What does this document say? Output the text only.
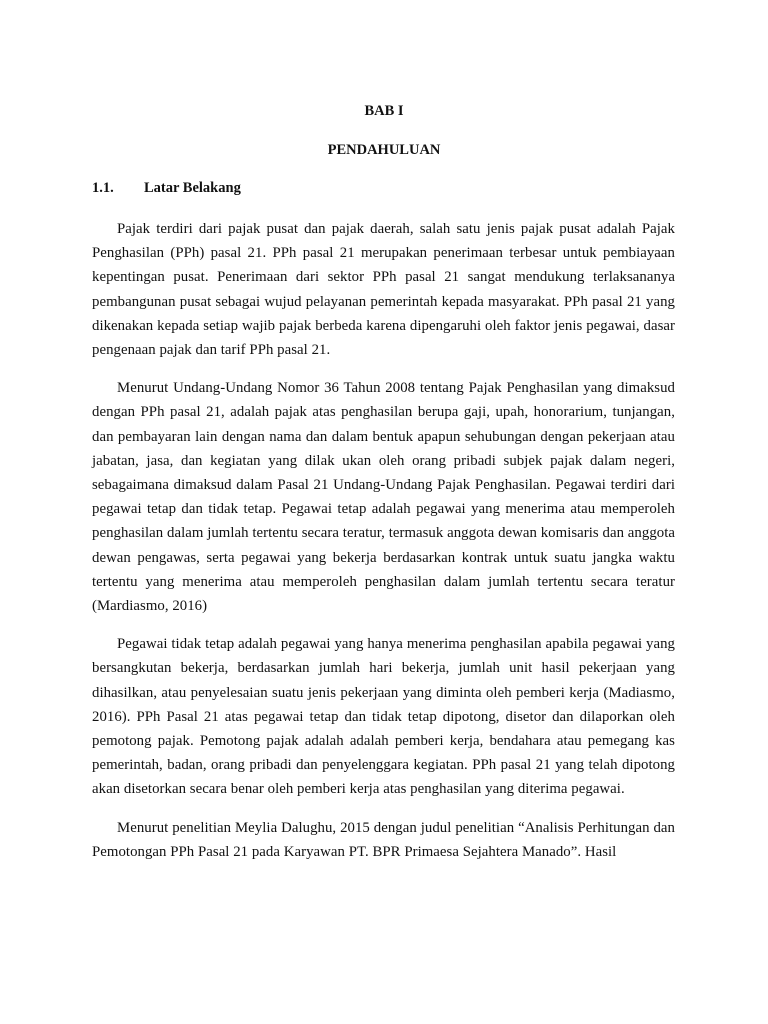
BAB I
PENDAHULUAN
1.1. Latar Belakang

Pajak terdiri dari pajak pusat dan pajak daerah, salah satu jenis pajak pusat adalah Pajak Penghasilan (PPh) pasal 21. PPh pasal 21 merupakan penerimaan terbesar untuk pembiayaan kepentingan pusat. Penerimaan dari sektor PPh pasal 21 sangat mendukung terlaksananya pembangunan pusat sebagai wujud pelayanan pemerintah kepada masyarakat. PPh pasal 21 yang dikenakan kepada setiap wajib pajak berbeda karena dipengaruhi oleh faktor jenis pegawai, dasar pengenaan pajak dan tarif PPh pasal 21.

Menurut Undang-Undang Nomor 36 Tahun 2008 tentang Pajak Penghasilan yang dimaksud dengan PPh pasal 21, adalah pajak atas penghasilan berupa gaji, upah, honorarium, tunjangan, dan pembayaran lain dengan nama dan dalam bentuk apapun sehubungan dengan pekerjaan atau jabatan, jasa, dan kegiatan yang dilak ukan oleh orang pribadi subjek pajak dalam negeri, sebagaimana dimaksud dalam Pasal 21 Undang-Undang Pajak Penghasilan. Pegawai terdiri dari pegawai tetap dan tidak tetap. Pegawai tetap adalah pegawai yang menerima atau memperoleh penghasilan dalam jumlah tertentu secara teratur, termasuk anggota dewan komisaris dan anggota dewan pengawas, serta pegawai yang bekerja berdasarkan kontrak untuk suatu jangka waktu tertentu yang menerima atau memperoleh penghasilan dalam jumlah tertentu secara teratur (Mardiasmo, 2016)

Pegawai tidak tetap adalah pegawai yang hanya menerima penghasilan apabila pegawai yang bersangkutan bekerja, berdasarkan jumlah hari bekerja, jumlah unit hasil pekerjaan yang dihasilkan, atau penyelesaian suatu jenis pekerjaan yang diminta oleh pemberi kerja (Madiasmo, 2016). PPh Pasal 21 atas pegawai tetap dan tidak tetap dipotong, disetor dan dilaporkan oleh pemotong pajak. Pemotong pajak adalah adalah pemberi kerja, bendahara atau pemegang kas pemerintah, badan, orang pribadi dan penyelenggara kegiatan. PPh pasal 21 yang telah dipotong akan disetorkan secara benar oleh pemberi kerja atas penghasilan yang diterima pegawai.

Menurut penelitian Meylia Dalughu, 2015 dengan judul penelitian “Analisis Perhitungan dan Pemotongan PPh Pasal 21 pada Karyawan PT. BPR Primaesa Sejahtera Manado”. Hasil
